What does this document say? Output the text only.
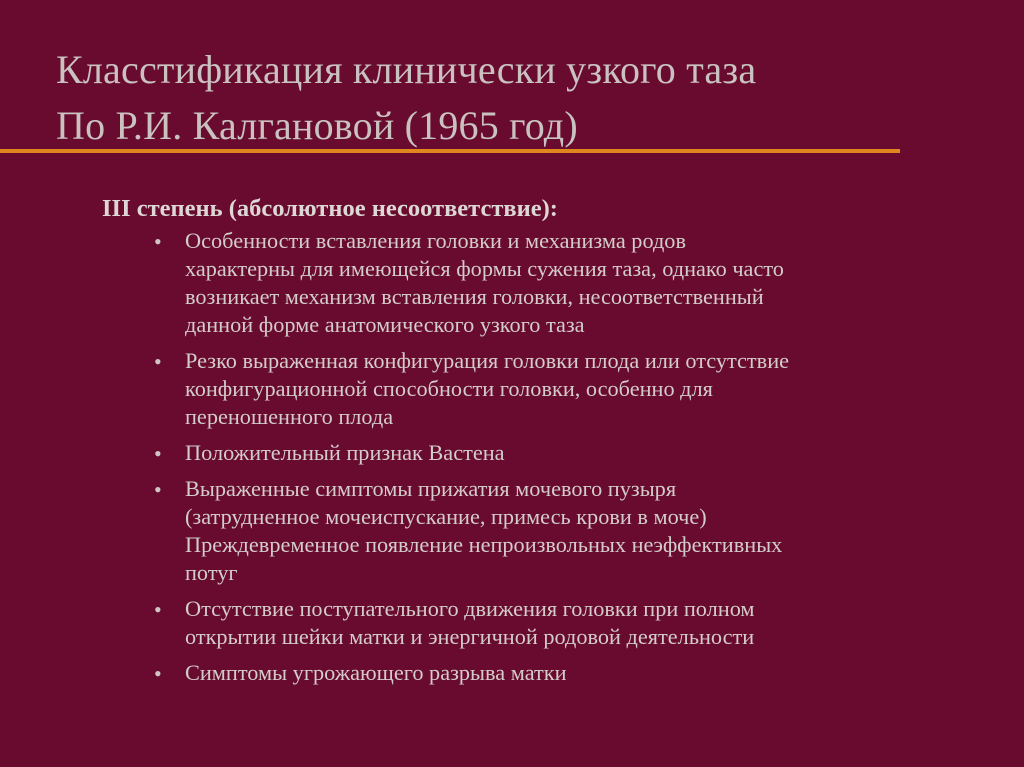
Класстификация клинически узкого таза
По Р.И. Калгановой (1965 год)
III степень (абсолютное несоответствие):
• Особенности вставления головки и механизма родов
характерны для имеющейся формы сужения таза, однако часто
возникает механизм вставления головки, несоответственный
данной форме анатомического узкого таза
• Резко выраженная конфигурация головки плода или отсутствие
конфигурационной способности головки, особенно для
переношенного плода
• Положительный признак Вастена
• Выраженные симптомы прижатия мочевого пузыря
(затрудненное мочеиспускание, примесь крови в моче)
Преждевременное появление непроизвольных неэффективных
потуг
• Отсутствие поступательного движения головки при полном
открытии шейки матки и энергичной родовой деятельности
• Симптомы угрожающего разрыва матки
